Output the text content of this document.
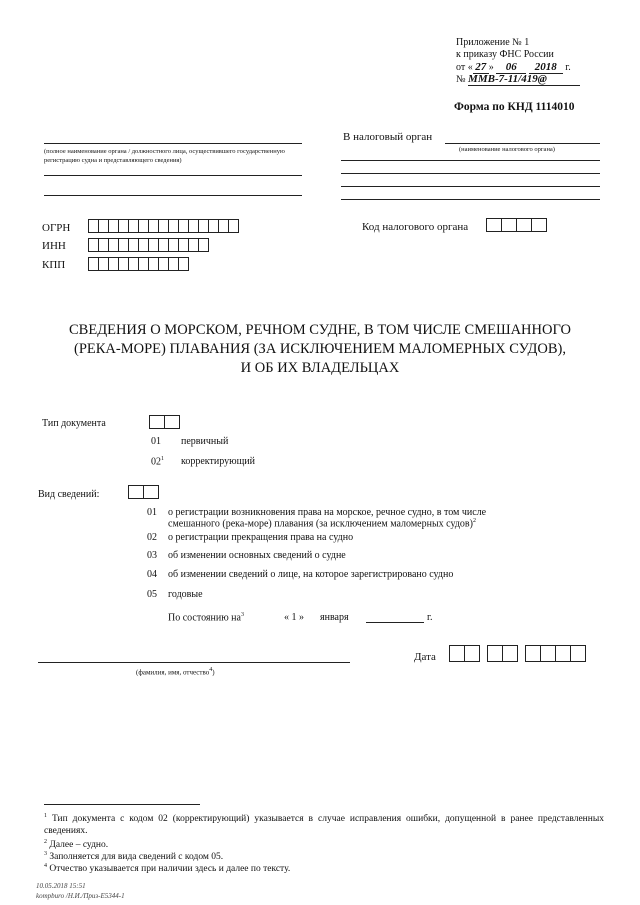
Приложение № 1
к приказу ФНС России
от « 27 » 06 2018 г.
№ ММВ-7-11/419@
Форма по КНД 1114010
В налоговый орган
(наименование налогового органа)
(полное наименование органа / должностного лица, осуществившего государственную регистрацию судна и представляющего сведения)
ОГРН
ИНН
КПП
Код налогового органа
СВЕДЕНИЯ О МОРСКОМ, РЕЧНОМ СУДНЕ, В ТОМ ЧИСЛЕ СМЕШАННОГО
(РЕКА-МОРЕ) ПЛАВАНИЯ (ЗА ИСКЛЮЧЕНИЕМ МАЛОМЕРНЫХ СУДОВ),
И ОБ ИХ ВЛАДЕЛЬЦАХ
Тип документа
01 первичный
$02^1$ корректирующий
Вид сведений:
01 о регистрации возникновения права на морское, речное судно, в том числе
смешанного (река-море) плавания (за исключением маломерных судов)$^2$
02 о регистрации прекращения права на судно
03 об изменении основных сведений о судне
04 об изменении сведений о лице, на которое зарегистрировано судно
05 годовые
По состоянию $на^3$	« 1 » января	г.
(фамилия, имя, отчество$^4$)
Дата
$^1$ Тип документа с кодом 02 (корректирующий) указывается в случае исправления ошибки, допущенной в ранее представленных сведениях.
$^2$ Далее – судно.
$^3$ Заполняется для вида сведений с кодом 05.
$^4$ Отчество указывается при наличии здесь и далее по тексту.
10.05.2018 15:51
kompburo /Н.И./Приз-E5344-1
